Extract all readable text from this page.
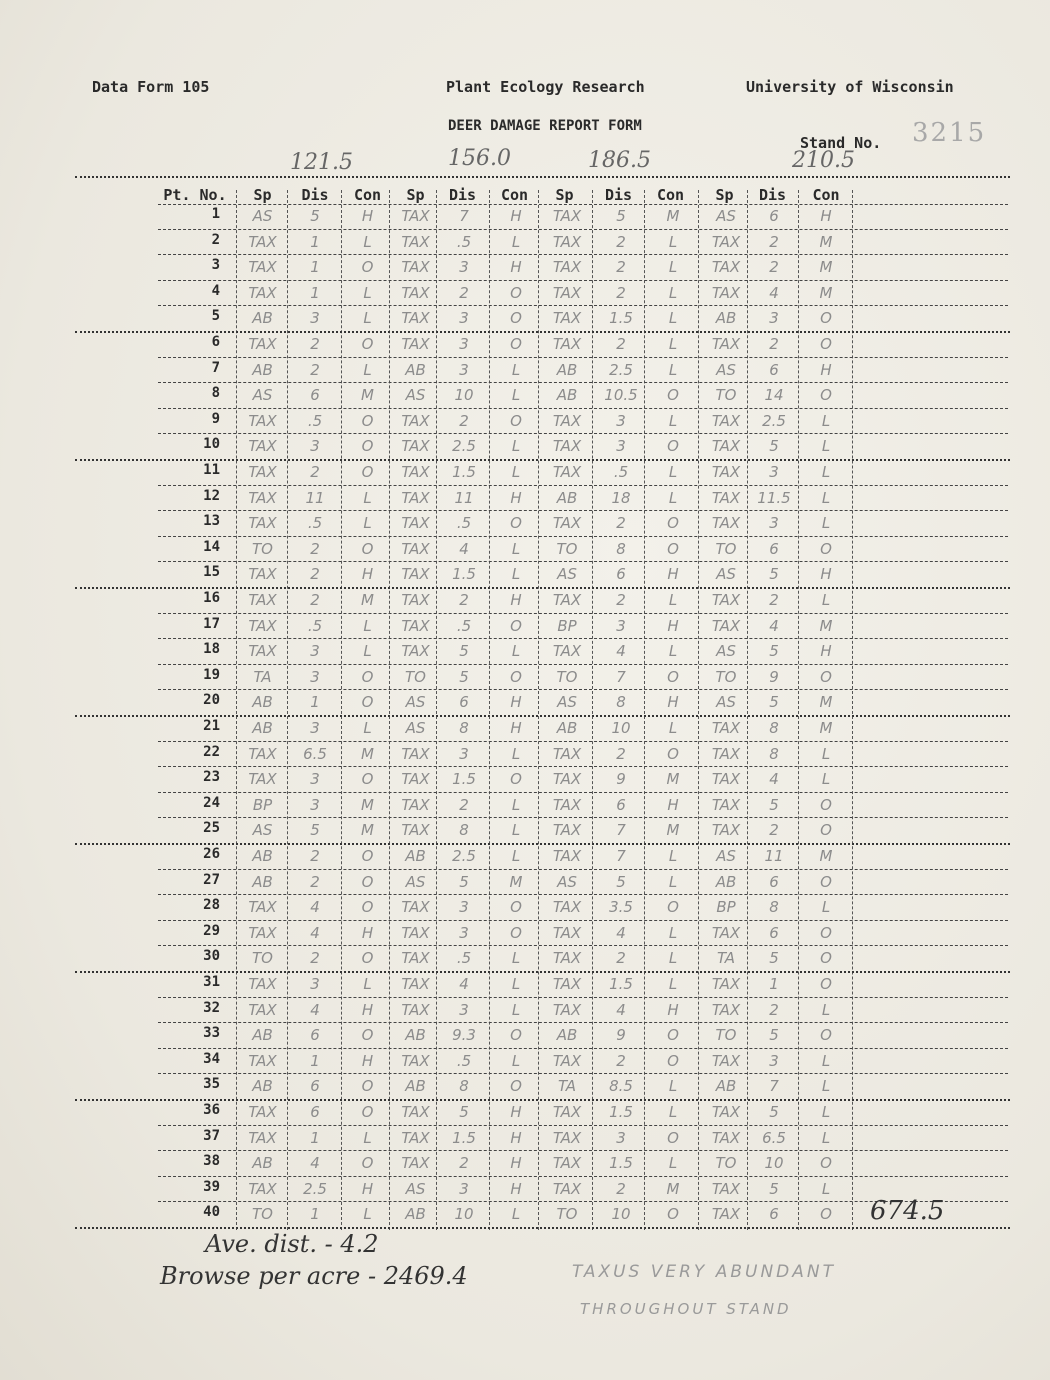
Data Form 105	Plant Ecology Research	University of Wisconsin
DEER DAMAGE REPORT FORM
Stand No. 3215
121.5	156.0	186.5	210.5
Pt. No.	Sp	Dis	Con	Sp	Dis	Con	Sp	Dis	Con	Sp	Dis	Con
1	AS	5	H	TAX	7	H	TAX	5	M	AS	6	H
2	TAX	1	L	TAX	.5	L	TAX	2	L	TAX	2	M
3	TAX	1	O	TAX	3	H	TAX	2	L	TAX	2	M
4	TAX	1	L	TAX	2	O	TAX	2	L	TAX	4	M
5	AB	3	L	TAX	3	O	TAX	1.5	L	AB	3	O
6	TAX	2	O	TAX	3	O	TAX	2	L	TAX	2	O
7	AB	2	L	AB	3	L	AB	2.5	L	AS	6	H
8	AS	6	M	AS	10	L	AB	10.5	O	TO	14	O
9	TAX	.5	O	TAX	2	O	TAX	3	L	TAX	2.5	L
10	TAX	3	O	TAX	2.5	L	TAX	3	O	TAX	5	L
11	TAX	2	O	TAX	1.5	L	TAX	.5	L	TAX	3	L
12	TAX	11	L	TAX	11	H	AB	18	L	TAX	11.5	L
13	TAX	.5	L	TAX	.5	O	TAX	2	O	TAX	3	L
14	TO	2	O	TAX	4	L	TO	8	O	TO	6	O
15	TAX	2	H	TAX	1.5	L	AS	6	H	AS	5	H
16	TAX	2	M	TAX	2	H	TAX	2	L	TAX	2	L
17	TAX	.5	L	TAX	.5	O	BP	3	H	TAX	4	M
18	TAX	3	L	TAX	5	L	TAX	4	L	AS	5	H
19	TA	3	O	TO	5	O	TO	7	O	TO	9	O
20	AB	1	O	AS	6	H	AS	8	H	AS	5	M
21	AB	3	L	AS	8	H	AB	10	L	TAX	8	M
22	TAX	6.5	M	TAX	3	L	TAX	2	O	TAX	8	L
23	TAX	3	O	TAX	1.5	O	TAX	9	M	TAX	4	L
24	BP	3	M	TAX	2	L	TAX	6	H	TAX	5	O
25	AS	5	M	TAX	8	L	TAX	7	M	TAX	2	O
26	AB	2	O	AB	2.5	L	TAX	7	L	AS	11	M
27	AB	2	O	AS	5	M	AS	5	L	AB	6	O
28	TAX	4	O	TAX	3	O	TAX	3.5	O	BP	8	L
29	TAX	4	H	TAX	3	O	TAX	4	L	TAX	6	O
30	TO	2	O	TAX	.5	L	TAX	2	L	TA	5	O
31	TAX	3	L	TAX	4	L	TAX	1.5	L	TAX	1	O
32	TAX	4	H	TAX	3	L	TAX	4	H	TAX	2	L
33	AB	6	O	AB	9.3	O	AB	9	O	TO	5	O
34	TAX	1	H	TAX	.5	L	TAX	2	O	TAX	3	L
35	AB	6	O	AB	8	O	TA	8.5	L	AB	7	L
36	TAX	6	O	TAX	5	H	TAX	1.5	L	TAX	5	L
37	TAX	1	L	TAX	1.5	H	TAX	3	O	TAX	6.5	L
38	AB	4	O	TAX	2	H	TAX	1.5	L	TO	10	O
39	TAX	2.5	H	AS	3	H	TAX	2	M	TAX	5	L
40	TO	1	L	AB	10	L	TO	10	O	TAX	6	O	674.5
Ave. dist. - 4.2
Browse per acre - 2469.4	TAXUS VERY ABUNDANT
THROUGHOUT STAND
